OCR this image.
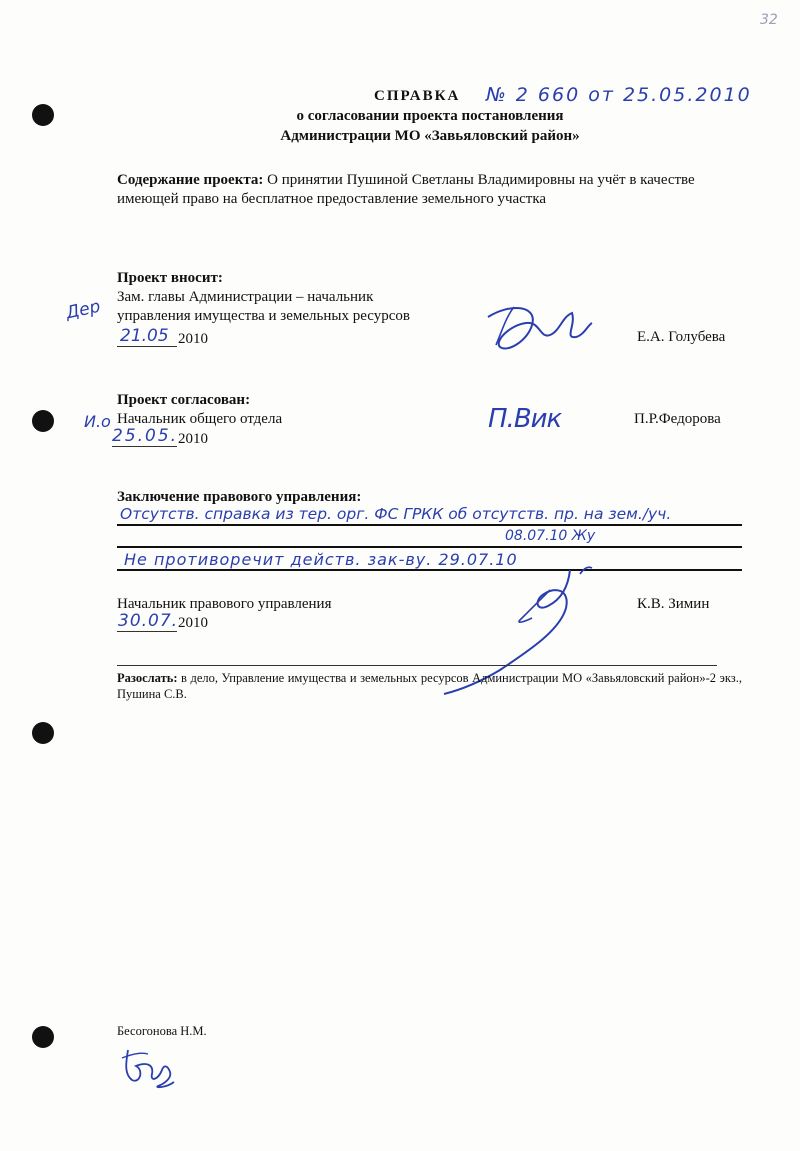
32
СПРАВКА № 2 660 от 25.05.2010
о согласовании проекта постановления
Администрации МО «Завьяловский район»
Содержание проекта: О принятии Пушиной Светланы Владимировны на учёт в качестве
имеющей право на бесплатное предоставление земельного участка
Проект вносит:
Зам. главы Администрации – начальник
управления имущества и земельных ресурсов
Дер
21.05 2010	Е.А. Голубева
Проект согласован:
И.о Начальник общего отдела
25.05. 2010
П.Вик	П.Р.Федорова
Заключение правового управления:
Отсутств. справка из тер. орг. ФС ГРКК об отсутств. пр. на зем./уч.
08.07.10 Жу
Не противоречит действ. зак-ву. 29.07.10
Начальник правового управления
30.07. 2010
К.В. Зимин
Разослать: в дело, Управление имущества и земельных ресурсов Администрации МО «Завьяловский район»-2 экз., Пушина С.В.
Бесогонова Н.М.
